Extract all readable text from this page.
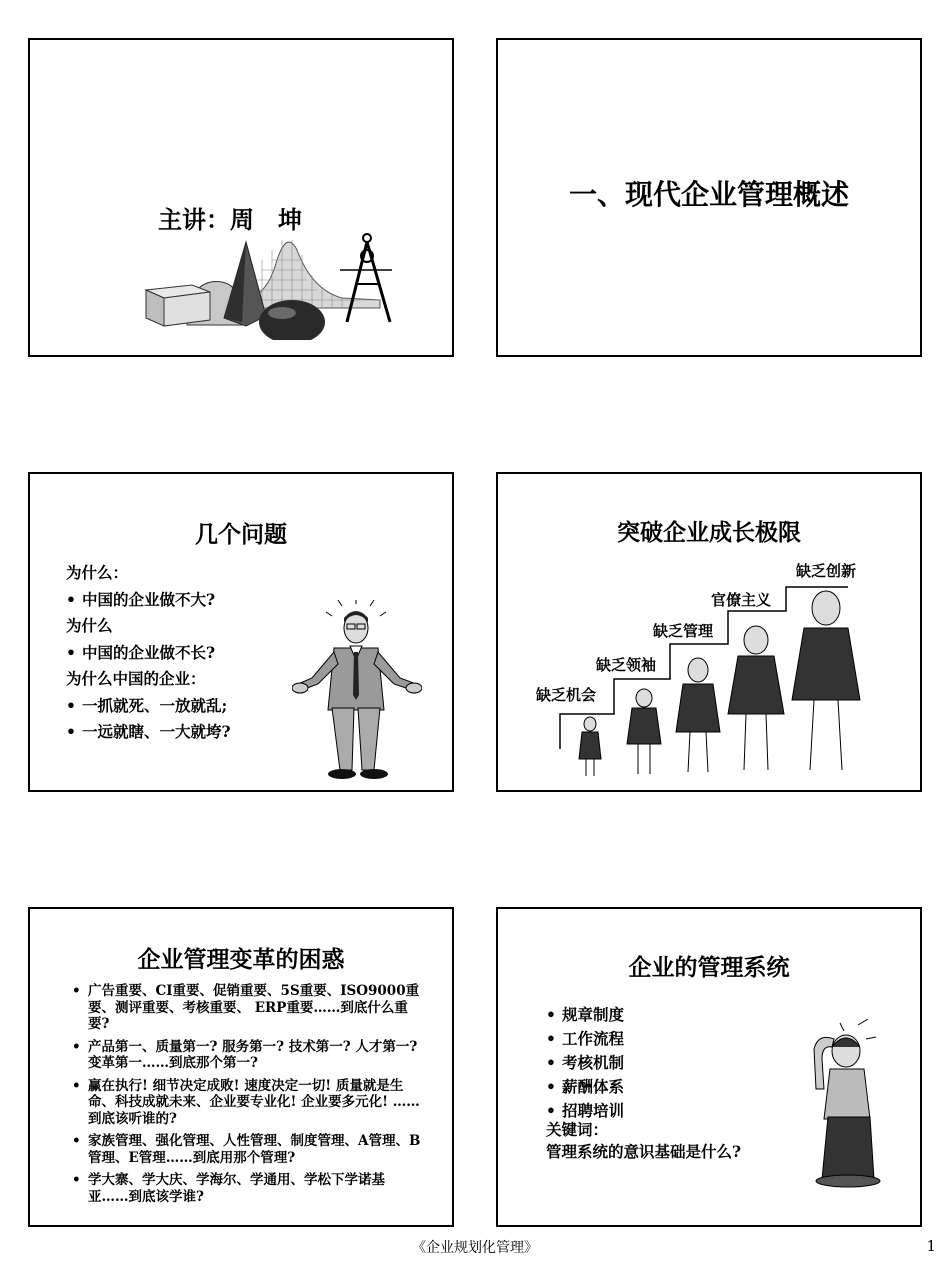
主讲：周　坤
一、现代企业管理概述
几个问题
为什么：
• 中国的企业做不大?
为什么
• 中国的企业做不长?
为什么中国的企业：
• 一抓就死、一放就乱;
• 一远就瞎、一大就垮?
突破企业成长极限
缺乏机会
缺乏领袖
缺乏管理
官僚主义
缺乏创新
企业管理变革的困惑
• 广告重要、CI重要、促销重要、5S重要、ISO9000重要、测评重要、考核重要、 ERP重要……到底什么重要?
• 产品第一、质量第一? 服务第一? 技术第一? 人才第一? 变革第一……到底那个第一?
• 赢在执行! 细节决定成败! 速度决定一切! 质量就是生命、科技成就未来、企业要专业化! 企业要多元化! ……到底该听谁的?
• 家族管理、强化管理、人性管理、制度管理、A管理、B管理、E管理……到底用那个管理?
• 学大寨、学大庆、学海尔、学通用、学松下学诺基亚……到底该学谁?
企业的管理系统
• 规章制度
• 工作流程
• 考核机制
• 薪酬体系
• 招聘培训
关键词：
管理系统的意识基础是什么?
《企业规划化管理》	1
